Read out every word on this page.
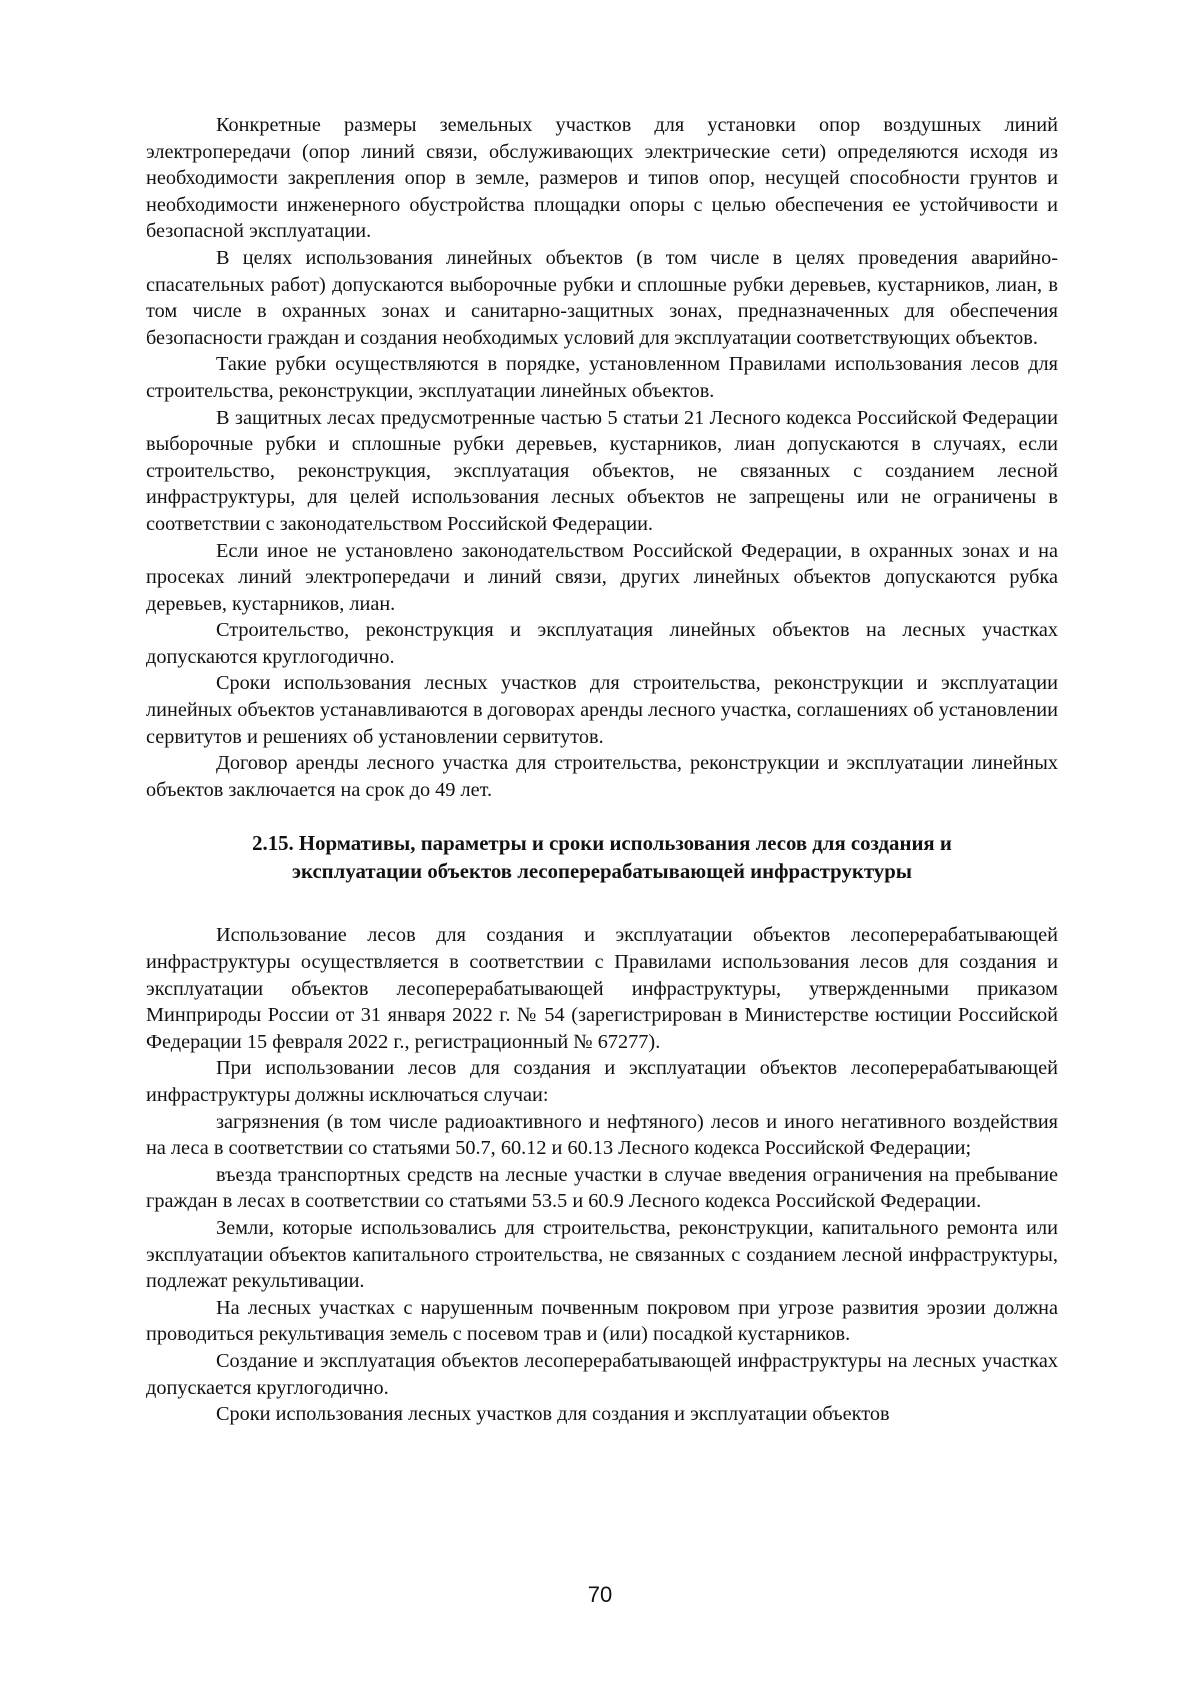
Конкретные размеры земельных участков для установки опор воздушных линий электропередачи (опор линий связи, обслуживающих электрические сети) определяются исходя из необходимости закрепления опор в земле, размеров и типов опор, несущей способности грунтов и необходимости инженерного обустройства площадки опоры с целью обеспечения ее устойчивости и безопасной эксплуатации.

В целях использования линейных объектов (в том числе в целях проведения аварийно-спасательных работ) допускаются выборочные рубки и сплошные рубки деревьев, кустарников, лиан, в том числе в охранных зонах и санитарно-защитных зонах, предназначенных для обеспечения безопасности граждан и создания необходимых условий для эксплуатации соответствующих объектов.

Такие рубки осуществляются в порядке, установленном Правилами использования лесов для строительства, реконструкции, эксплуатации линейных объектов.

В защитных лесах предусмотренные частью 5 статьи 21 Лесного кодекса Российской Федерации выборочные рубки и сплошные рубки деревьев, кустарников, лиан допускаются в случаях, если строительство, реконструкция, эксплуатация объектов, не связанных с созданием лесной инфраструктуры, для целей использования лесных объектов не запрещены или не ограничены в соответствии с законодательством Российской Федерации.

Если иное не установлено законодательством Российской Федерации, в охранных зонах и на просеках линий электропередачи и линий связи, других линейных объектов допускаются рубка деревьев, кустарников, лиан.

Строительство, реконструкция и эксплуатация линейных объектов на лесных участках допускаются круглогодично.

Сроки использования лесных участков для строительства, реконструкции и эксплуатации линейных объектов устанавливаются в договорах аренды лесного участка, соглашениях об установлении сервитутов и решениях об установлении сервитутов.

Договор аренды лесного участка для строительства, реконструкции и эксплуатации линейных объектов заключается на срок до 49 лет.

2.15. Нормативы, параметры и сроки использования лесов для создания и эксплуатации объектов лесоперерабатывающей инфраструктуры

Использование лесов для создания и эксплуатации объектов лесоперерабатывающей инфраструктуры осуществляется в соответствии с Правилами использования лесов для создания и эксплуатации объектов лесоперерабатывающей инфраструктуры, утвержденными приказом Минприроды России от 31 января 2022 г. № 54 (зарегистрирован в Министерстве юстиции Российской Федерации 15 февраля 2022 г., регистрационный № 67277).

При использовании лесов для создания и эксплуатации объектов лесоперерабатывающей инфраструктуры должны исключаться случаи:

загрязнения (в том числе радиоактивного и нефтяного) лесов и иного негативного воздействия на леса в соответствии со статьями 50.7, 60.12 и 60.13 Лесного кодекса Российской Федерации;

въезда транспортных средств на лесные участки в случае введения ограничения на пребывание граждан в лесах в соответствии со статьями 53.5 и 60.9 Лесного кодекса Российской Федерации.

Земли, которые использовались для строительства, реконструкции, капитального ремонта или эксплуатации объектов капитального строительства, не связанных с созданием лесной инфраструктуры, подлежат рекультивации.

На лесных участках с нарушенным почвенным покровом при угрозе развития эрозии должна проводиться рекультивация земель с посевом трав и (или) посадкой кустарников.

Создание и эксплуатация объектов лесоперерабатывающей инфраструктуры на лесных участках допускается круглогодично.

Сроки использования лесных участков для создания и эксплуатации объектов

70
